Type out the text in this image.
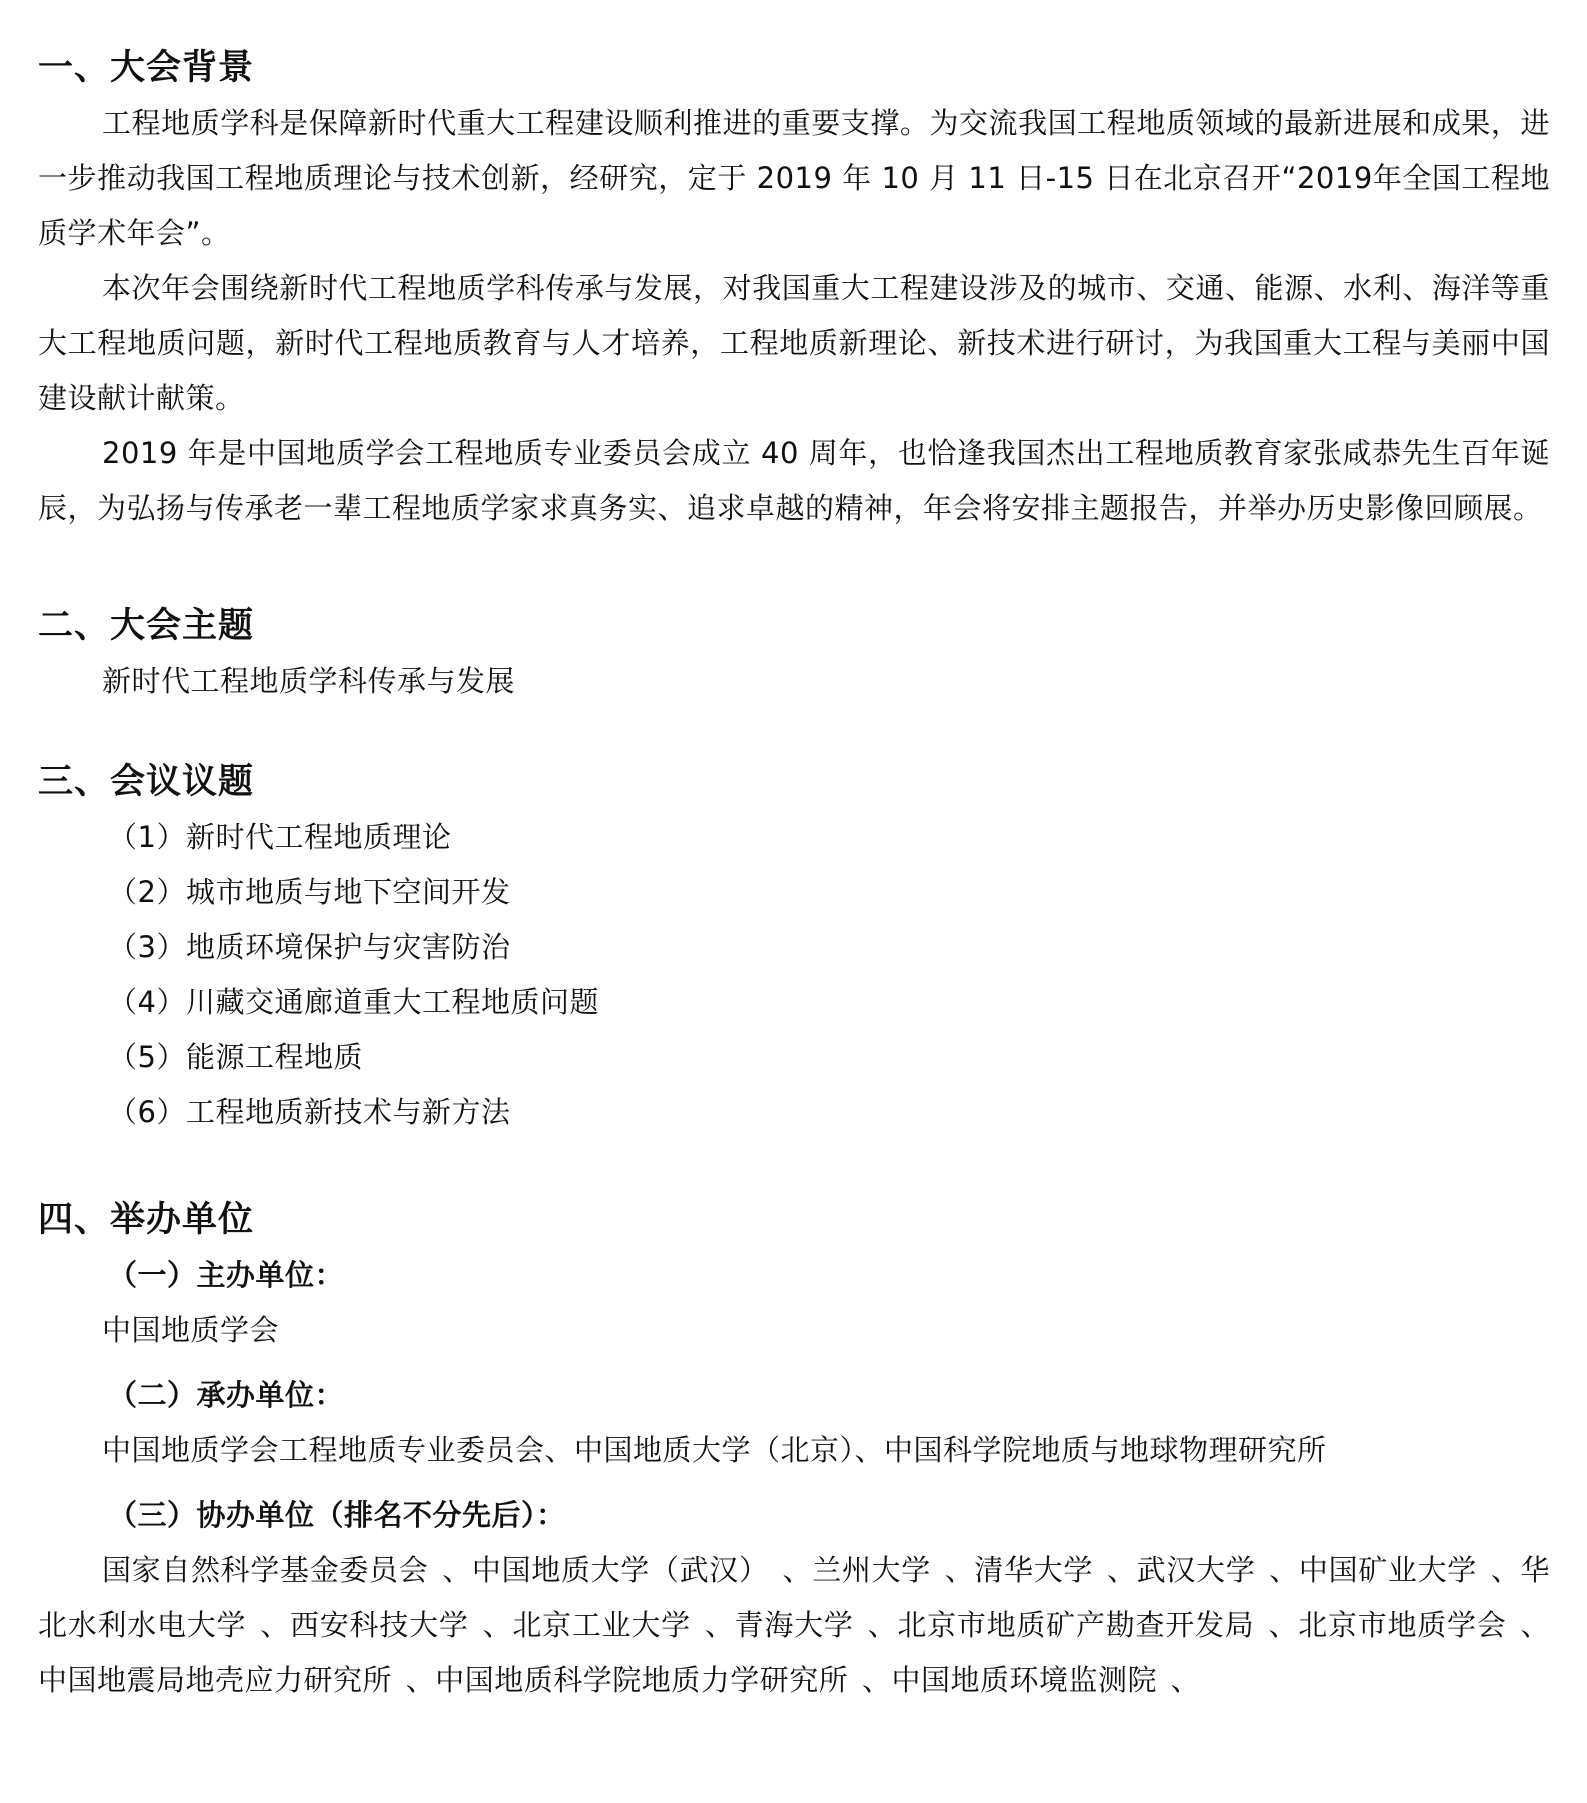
一、大会背景

工程地质学科是保障新时代重大工程建设顺利推进的重要支撑。为交流我国工程地质领域的最新进展和成果，进一步推动我国工程地质理论与技术创新，经研究，定于 2019 年 10 月 11 日-15 日在北京召开“2019年全国工程地质学术年会”。

本次年会围绕新时代工程地质学科传承与发展，对我国重大工程建设涉及的城市、交通、能源、水利、海洋等重大工程地质问题，新时代工程地质教育与人才培养，工程地质新理论、新技术进行研讨，为我国重大工程与美丽中国建设献计献策。

2019 年是中国地质学会工程地质专业委员会成立 40 周年，也恰逢我国杰出工程地质教育家张咸恭先生百年诞辰，为弘扬与传承老一辈工程地质学家求真务实、追求卓越的精神，年会将安排主题报告，并举办历史影像回顾展。

二、大会主题

新时代工程地质学科传承与发展

三、会议议题

（1）新时代工程地质理论

（2）城市地质与地下空间开发

（3）地质环境保护与灾害防治

（4）川藏交通廊道重大工程地质问题

（5）能源工程地质

（6）工程地质新技术与新方法

四、举办单位

（一）主办单位：

中国地质学会

（二）承办单位：

中国地质学会工程地质专业委员会、中国地质大学（北京）、中国科学院地质与地球物理研究所

（三）协办单位（排名不分先后）：

国家自然科学基金委员会 、中国地质大学（武汉） 、兰州大学 、清华大学 、武汉大学 、中国矿业大学 、华北水利水电大学 、西安科技大学 、北京工业大学 、青海大学 、北京市地质矿产勘查开发局 、北京市地质学会 、中国地震局地壳应力研究所 、中国地质科学院地质力学研究所 、中国地质环境监测院 、
